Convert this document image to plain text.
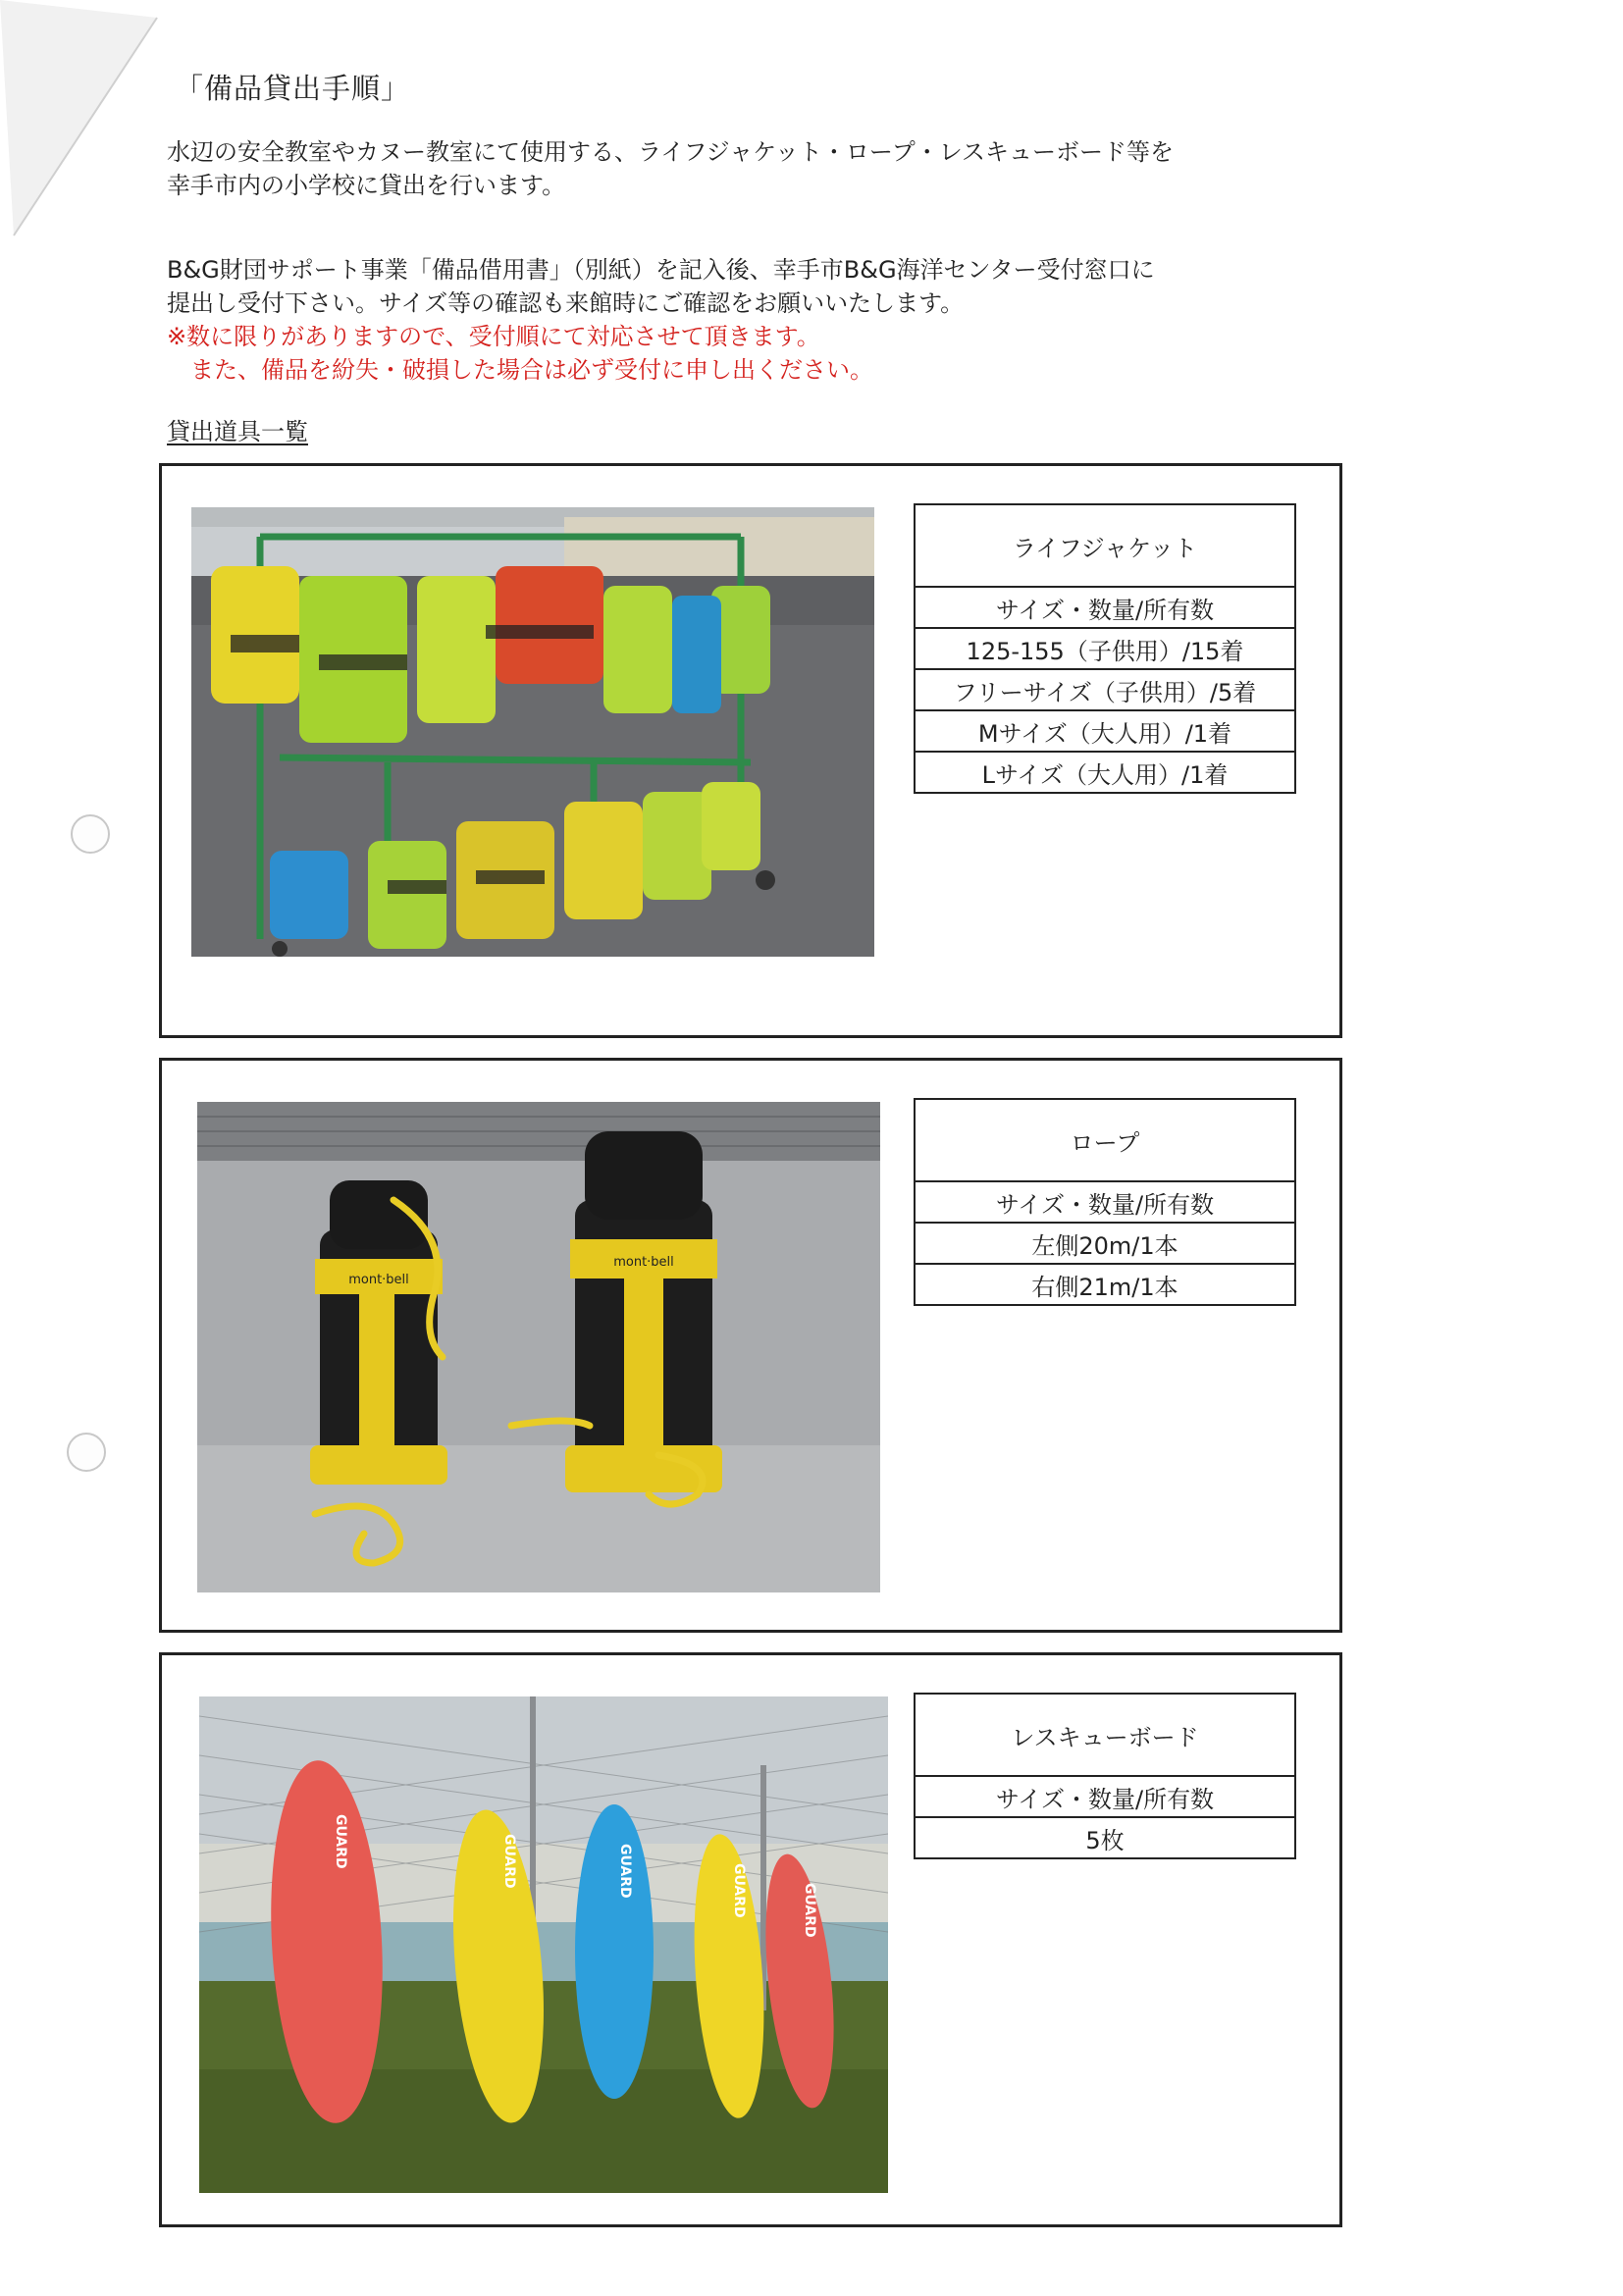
「備品貸出手順」
水辺の安全教室やカヌー教室にて使用する、ライフジャケット・ロープ・レスキューボード等を
幸手市内の小学校に貸出を行います。
B&G財団サポート事業「備品借用書」（別紙）を記入後、幸手市B&G海洋センター受付窓口に
提出し受付下さい。サイズ等の確認も来館時にご確認をお願いいたします。
※数に限りがありますので、受付順にて対応させて頂きます。
　また、備品を紛失・破損した場合は必ず受付に申し出ください。
貸出道具一覧
ライフジャケット
サイズ・数量/所有数
125-155（子供用）/15着
フリーサイズ（子供用）/5着
Mサイズ（大人用）/1着
Lサイズ（大人用）/1着
mont·bell
mont·bell
ロープ
サイズ・数量/所有数
左側20m/1本
右側21m/1本
GUARD	GUARD	GUARD	GUARD	GUARD
レスキューボード
サイズ・数量/所有数
5枚
